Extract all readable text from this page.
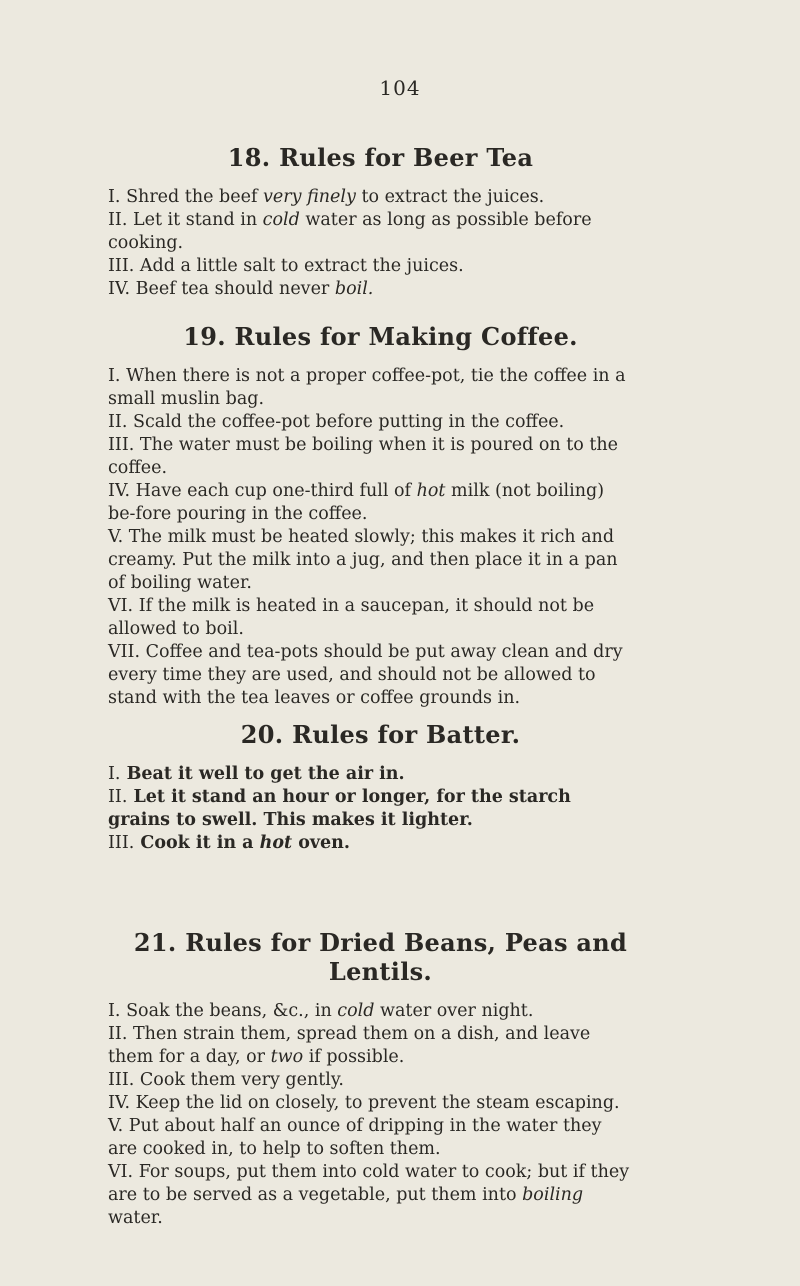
104
18. Rules for Beer Tea

I. Shred the beef very finely to extract the juices.

II. Let it stand in cold water as long as possible before cooking.

III. Add a little salt to extract the juices.

IV. Beef tea should never boil.

19. Rules for Making Coffee.

I. When there is not a proper coffee-pot, tie the coffee in a small muslin bag.

II. Scald the coffee-pot before putting in the coffee.

III. The water must be boiling when it is poured on to the coffee.

IV. Have each cup one-third full of hot milk (not boiling) be-fore pouring in the coffee.

V. The milk must be heated slowly; this makes it rich and creamy. Put the milk into a jug, and then place it in a pan of boiling water.

VI. If the milk is heated in a saucepan, it should not be allowed to boil.

VII. Coffee and tea-pots should be put away clean and dry every time they are used, and should not be allowed to stand with the tea leaves or coffee grounds in.

20. Rules for Batter.

I. Beat it well to get the air in.

II. Let it stand an hour or longer, for the starch grains to swell. This makes it lighter.

III. Cook it in a hot oven.

21. Rules for Dried Beans, Peas and Lentils.

I. Soak the beans, &c., in cold water over night.

II. Then strain them, spread them on a dish, and leave them for a day, or two if possible.

III. Cook them very gently.

IV. Keep the lid on closely, to prevent the steam escaping.

V. Put about half an ounce of dripping in the water they are cooked in, to help to soften them.

VI. For soups, put them into cold water to cook; but if they are to be served as a vegetable, put them into boiling water.
